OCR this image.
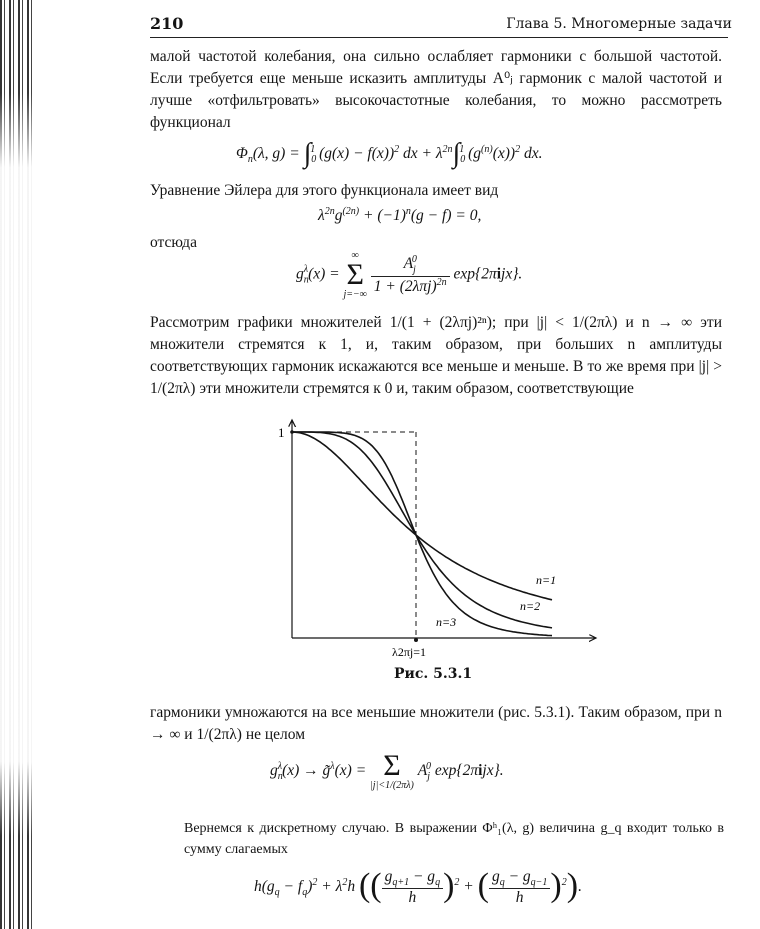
210	Глава 5. Многомерные задачи
малой частотой колебания, она сильно ослабляет гармоники с большой частотой. Если требуется еще меньше исказить амплитуды A⁰ⱼ гармоник с малой частотой и лучше «отфильтровать» высокочастотные колебания, то можно рассмотреть функционал
$\Phi_n(\lambda$, $g) = \int_0^1$ $(g(x) - f(x))^2$ dx + $\lambda^{2n}\int_0^1$ $(g^{(n)}(x))^2$ dx.
Уравнение Эйлера для этого функционала имеет вид
$\lambda^{2n}g^{(2n)} + (-1)^n(g - f) = 0$,
отсюда
$g_n^\lambda(x)$ =
∞
Σ
j=−∞
$\frac{A_j^0}{1 + (2\lambda\pi j)^{2n}} \exp\{2\pi ijx\}$.
Рассмотрим графики множителей 1/(1 + (2λπj)²ⁿ); при |j| < 1/(2πλ) и n → ∞ эти множители стремятся к 1, и, таким образом, при больших n амплитуды соответствующих гармоник искажаются все меньше и меньше. В то же время при |j| > 1/(2πλ) эти множители стремятся к 0 и, таким образом, соответствующие
1
λ2πj=1
n=1
n=2
n=3
Рис. 5.3.1
гармоники умножаются на все меньшие множители (рис. 5.3.1). Таким образом, при n → ∞ и 1/(2πλ) не целом
$g_n^\lambda(x)$ → g̃$^\lambda$(x) = Σ
|j|<1/(2πλ)
$A_j^0$ exp{2πijx}.
Вернемся к дискретному случаю. В выражении Φʰ₁(λ, g) величина g_q входит только в сумму слагаемых
$h(g_q - f_q)^2 + \lambda^2h$ (( $\frac{g_{q+1} - g_q}{h} )^2$ + ( $\frac{g_q - g_{q-1}}{h} )^2$).
